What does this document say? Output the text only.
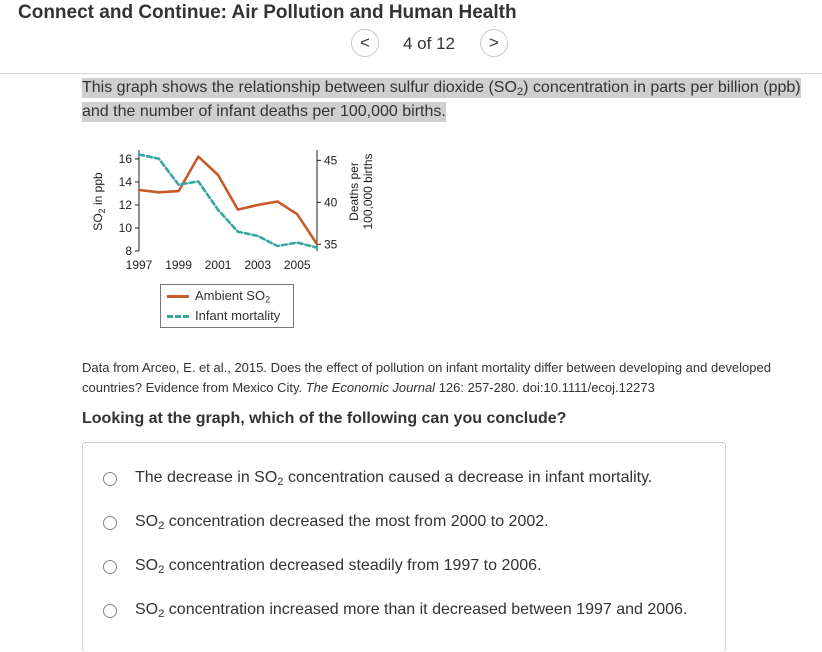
Connect and Continue: Air Pollution and Human Health
<	4 of 12	>
This graph shows the relationship between sulfur dioxide $(SO_2)$ concentration in parts per billion (ppb)
and the number of infant deaths per 100,000 births.
8
10
12
14
16
35
40
45
1997 1999 2001 2003 2005
$SO_2$ in ppb	Deaths per 100,000 births
Ambient $SO_2$
Infant mortality
Data from Arceo, E. et al., 2015. Does the effect of pollution on infant mortality differ between developing and developed countries? Evidence from Mexico City. The Economic Journal 126: 257-280. doi:10.1111/ecoj.12273
Looking at the graph, which of the following can you conclude?
The decrease in $SO_2$ concentration caused a decrease in infant mortality.
$SO_2$ concentration decreased the most from 2000 to 2002.
$SO_2$ concentration decreased steadily from 1997 to 2006.
$SO_2$ concentration increased more than it decreased between 1997 and 2006.
